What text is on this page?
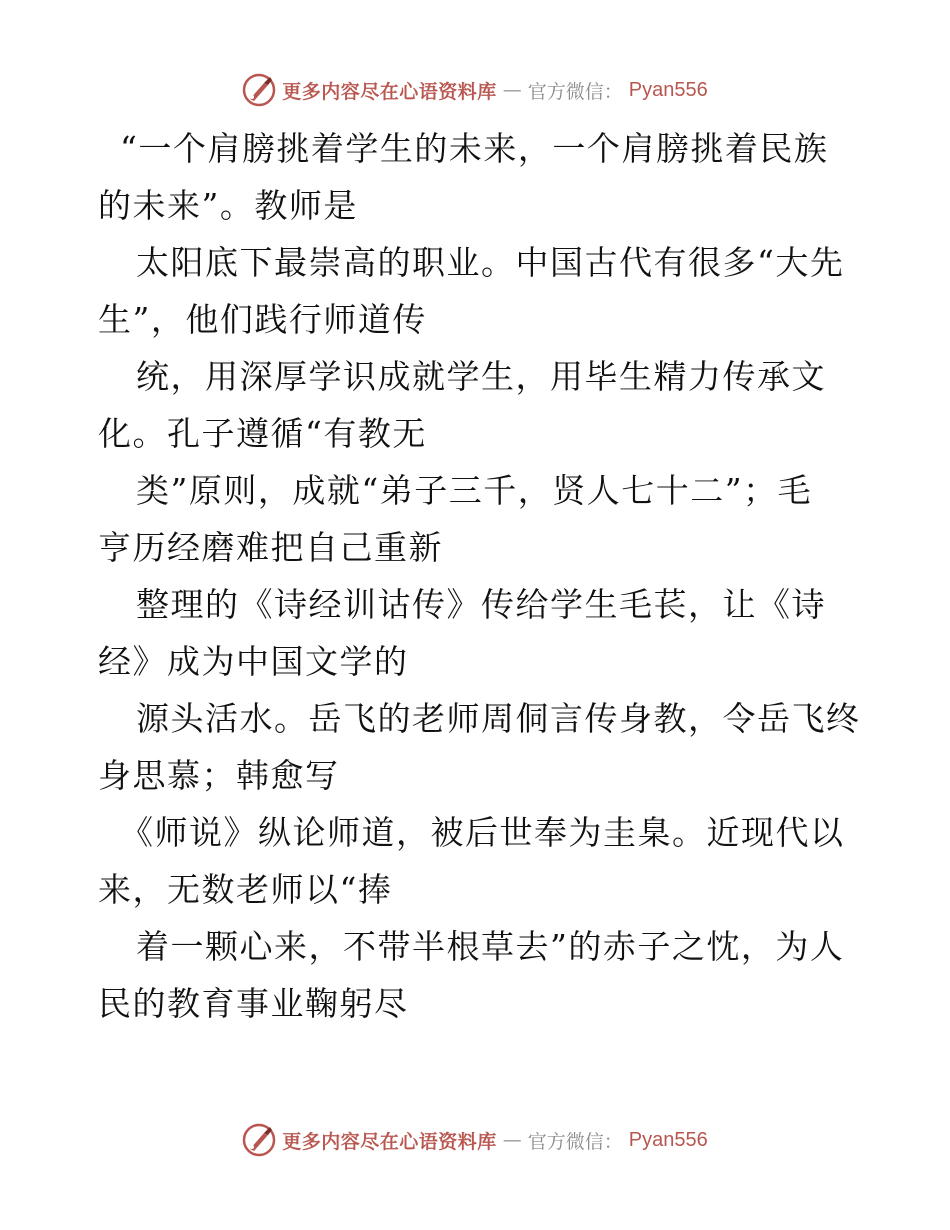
更多内容尽在心语资料库 — 官方微信： Pyan556
“一个肩膀挑着学生的未来，一个肩膀挑着民族
的未来”。教师是
太阳底下最崇高的职业。中国古代有很多“大先
生”，他们践行师道传
统，用深厚学识成就学生，用毕生精力传承文
化。孔子遵循“有教无
类”原则，成就“弟子三千，贤人七十二”；毛
亨历经磨难把自己重新
整理的《诗经训诂传》传给学生毛苌，让《诗
经》成为中国文学的
源头活水。岳飞的老师周侗言传身教，令岳飞终
身思慕；韩愈写
《师说》纵论师道，被后世奉为圭臬。近现代以
来，无数老师以“捧
着一颗心来，不带半根草去”的赤子之忱，为人
民的教育事业鞠躬尽
更多内容尽在心语资料库 — 官方微信： Pyan556
